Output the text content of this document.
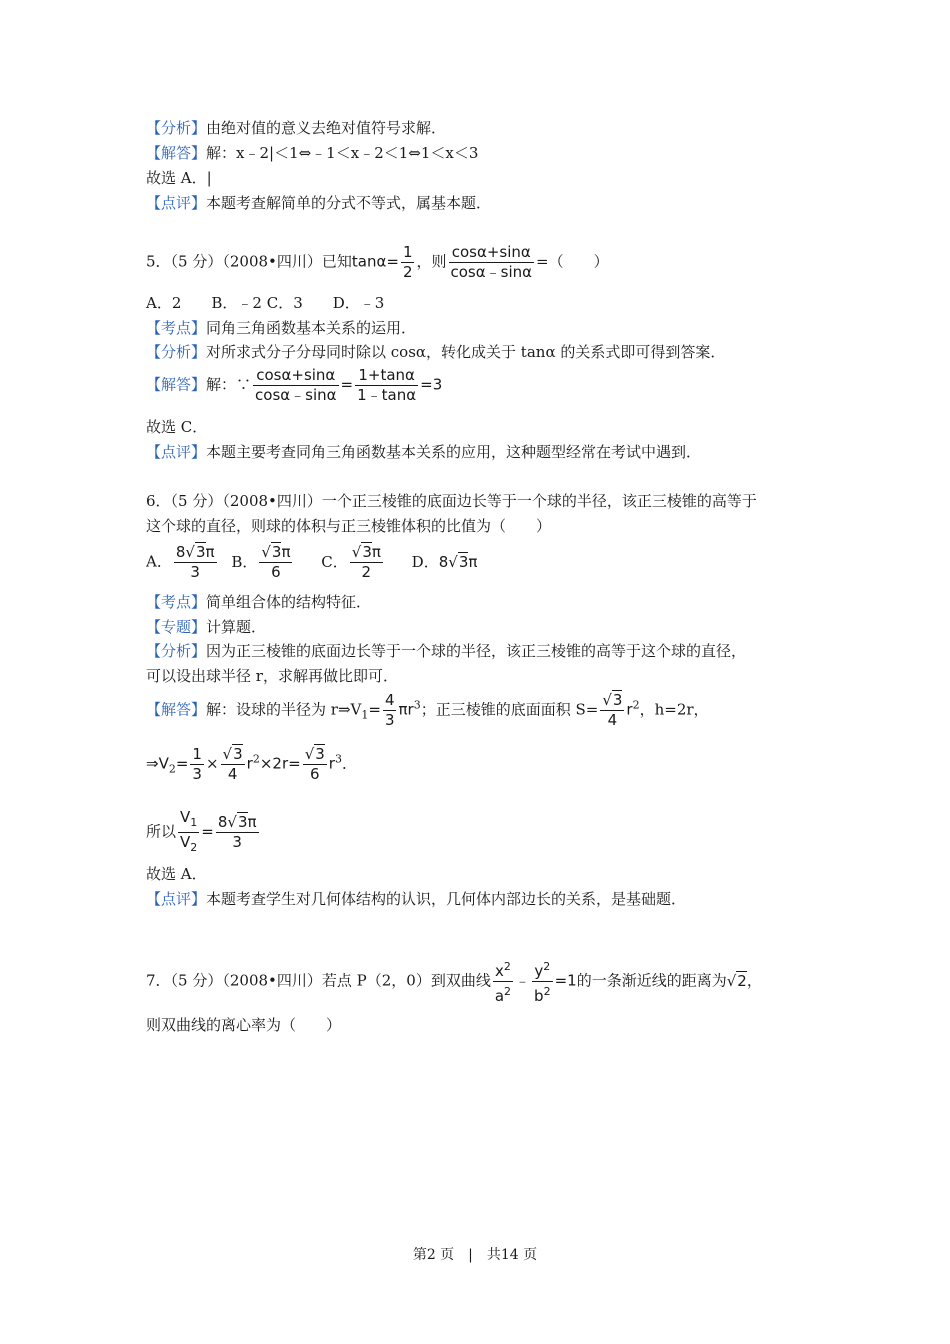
【分析】由绝对值的意义去绝对值符号求解．
【解答】解：x﹣2|＜1⇔﹣1＜x﹣2＜1⇔1＜x＜3
故选 A．|
【点评】本题考查解简单的分式不等式，属基本题．
5．（5 分）（2008•四川）已知$\tan\alpha= \frac{1}{2}$ ，则 $\frac{\cos\alpha+\sin\alpha}{\cos\alpha﹣\sin\alpha}$ =（　　）
A．2　　B．﹣2 C．3　　D．﹣3
【考点】同角三角函数基本关系的运用．
【分析】对所求式分子分母同时除以 cosα，转化成关于 tanα 的关系式即可得到答案．
【解答】解：∵ $\frac{\cos\alpha+\sin\alpha}{\cos\alpha﹣\sin\alpha} = \frac{1+\tan\alpha}{1﹣\tan\alpha} =3$
故选 C．
【点评】本题主要考查同角三角函数基本关系的应用，这种题型经常在考试中遇到．
6．（5 分）（2008•四川）一个正三棱锥的底面边长等于一个球的半径，该正三棱锥的高等于
这个球的直径，则球的体积与正三棱锥体积的比值为（　　）
A． $\frac{8√3\pi}{3}$ B． $\frac{√3\pi}{6}$ C． $\frac{√3\pi}{2}$ D．8√3π
【考点】简单组合体的结构特征．
【专题】计算题．
【分析】因为正三棱锥的底面边长等于一个球的半径，该正三棱锥的高等于这个球的直径，
可以设出球半径 r，求解再做比即可．
【解答】解：设球的半径为 $r\Rightarrow V_1= \frac{4}{3} \pi r^3$；正三棱锥的底面面积 $S= \frac{√3}{4} r^2$，h=2r，
$\Rightarrow V_2= \frac{1}{3} \times \frac{√3}{4} r^2\times 2r= \frac{√3}{6} r^3$．
所以 $\frac{V_1}{V_2} = \frac{8√3\pi}{3}$
故选 A．
【点评】本题考查学生对几何体结构的认识，几何体内部边长的关系，是基础题．
7．（5 分）（2008•四川）若点 P（2，0）到双曲线 $\frac{x^2}{a^2}$ ﹣ $\frac{y^2}{b^2} =1$的一条渐近线的距离为√2，
则双曲线的离心率为（　　）
第2 页　|　共14 页
